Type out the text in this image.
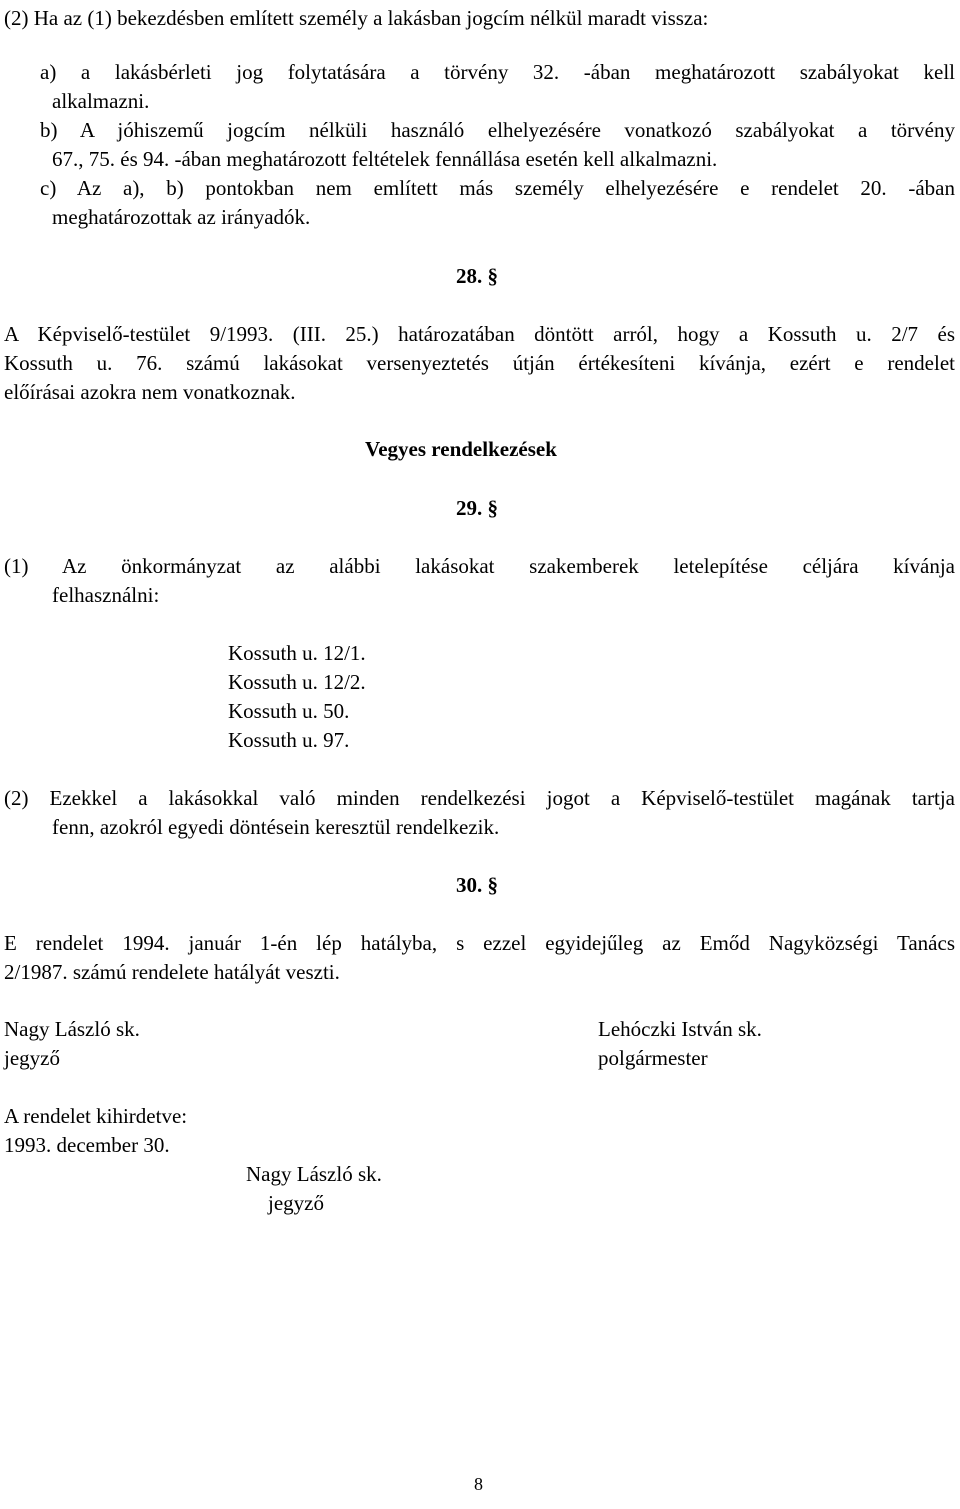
(2) Ha az (1) bekezdésben említett személy a lakásban jogcím nélkül maradt vissza:
a) a lakásbérleti jog folytatására a törvény 32. -ában meghatározott szabályokat kell
alkalmazni.
b) A jóhiszemű jogcím nélküli használó elhelyezésére vonatkozó szabályokat a törvény
67., 75. és 94. -ában meghatározott feltételek fennállása esetén kell alkalmazni.
c) Az a), b) pontokban nem említett más személy elhelyezésére e rendelet 20. -ában
meghatározottak az irányadók.
28. §
A Képviselő-testület 9/1993. (III. 25.) határozatában döntött arról, hogy a Kossuth u. 2/7 és
Kossuth u. 76. számú lakásokat versenyeztetés útján értékesíteni kívánja, ezért e rendelet
előírásai azokra nem vonatkoznak.
Vegyes rendelkezések
29. §
(1) Az önkormányzat az alábbi lakásokat szakemberek letelepítése céljára kívánja
felhasználni:
Kossuth u. 12/1.
Kossuth u. 12/2.
Kossuth u. 50.
Kossuth u. 97.
(2) Ezekkel a lakásokkal való minden rendelkezési jogot a Képviselő-testület magának tartja
fenn, azokról egyedi döntésein keresztül rendelkezik.
30. §
E rendelet 1994. január 1-én lép hatályba, s ezzel egyidejűleg az Emőd Nagyközségi Tanács
2/1987. számú rendelete hatályát veszti.
Nagy László sk.
jegyző
Lehóczki István sk.
polgármester
A rendelet kihirdetve:
1993. december 30.
Nagy László sk.
jegyző
8
